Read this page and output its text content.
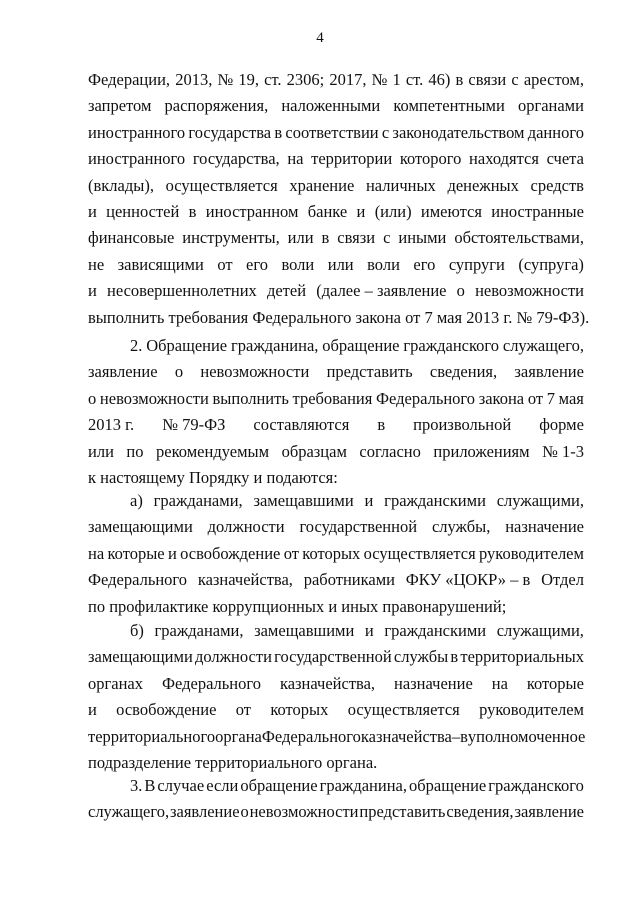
4
Федерации, 2013, № 19, ст. 2306; 2017, № 1 ст. 46) в связи с арестом,
запретом распоряжения, наложенными компетентными органами
иностранного государства в соответствии с законодательством данного
иностранного государства, на территории которого находятся счета
(вклады), осуществляется хранение наличных денежных средств
и ценностей в иностранном банке и (или) имеются иностранные
финансовые инструменты, или в связи с иными обстоятельствами,
не зависящими от его воли или воли его супруги (супруга)
и несовершеннолетних детей (далее – заявление о невозможности
выполнить требования Федерального закона от 7 мая 2013 г. № 79-ФЗ).
2. Обращение гражданина, обращение гражданского служащего,
заявление о невозможности представить сведения, заявление
о невозможности выполнить требования Федерального закона от 7 мая
2013 г. № 79-ФЗ составляются в произвольной форме
или по рекомендуемым образцам согласно приложениям № 1-3
к настоящему Порядку и подаются:
а) гражданами, замещавшими и гражданскими служащими,
замещающими должности государственной службы, назначение
на которые и освобождение от которых осуществляется руководителем
Федерального казначейства, работниками ФКУ «ЦОКР» – в Отдел
по профилактике коррупционных и иных правонарушений;
б) гражданами, замещавшими и гражданскими служащими,
замещающими должности государственной службы в территориальных
органах Федерального казначейства, назначение на которые
и освобождение от которых осуществляется руководителем
территориального органа Федерального казначейства – в уполномоченное
подразделение территориального органа.
3. В случае если обращение гражданина, обращение гражданского
служащего, заявление о невозможности представить сведения, заявление
